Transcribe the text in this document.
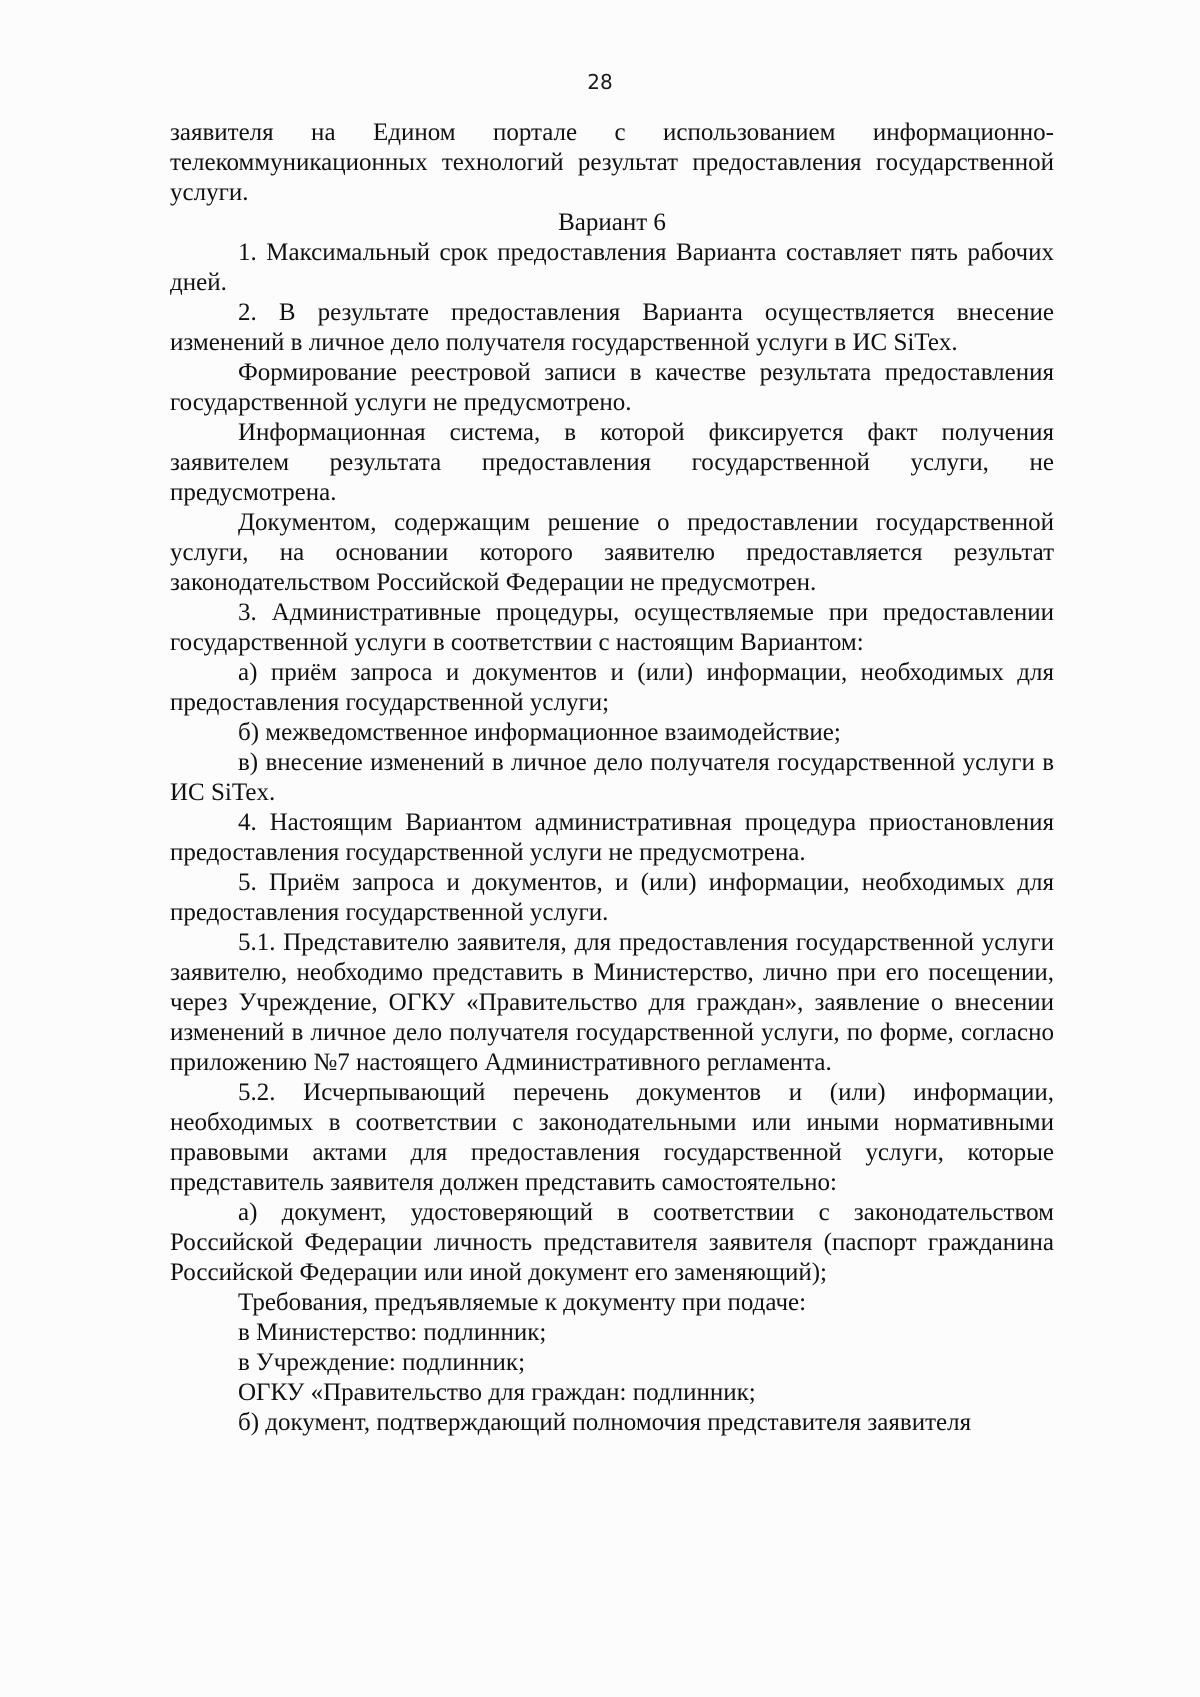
28

заявителя на Едином портале с использованием информационно-телекоммуникационных технологий результат предоставления государственной услуги.

Вариант 6

1. Максимальный срок предоставления Варианта составляет пять рабочих дней.

2. В результате предоставления Варианта осуществляется внесение изменений в личное дело получателя государственной услуги в ИС SiTex.

Формирование реестровой записи в качестве результата предоставления государственной услуги не предусмотрено.

Информационная система, в которой фиксируется факт получения заявителем результата предоставления государственной услуги, не предусмотрена.

Документом, содержащим решение о предоставлении государственной услуги, на основании которого заявителю предоставляется результат законодательством Российской Федерации не предусмотрен.

3. Административные процедуры, осуществляемые при предоставлении государственной услуги в соответствии с настоящим Вариантом:

а) приём запроса и документов и (или) информации, необходимых для предоставления государственной услуги;

б) межведомственное информационное взаимодействие;

в) внесение изменений в личное дело получателя государственной услуги в ИС SiTex.

4. Настоящим Вариантом административная процедура приостановления предоставления государственной услуги не предусмотрена.

5. Приём запроса и документов, и (или) информации, необходимых для предоставления государственной услуги.

5.1. Представителю заявителя, для предоставления государственной услуги заявителю, необходимо представить в Министерство, лично при его посещении, через Учреждение, ОГКУ «Правительство для граждан», заявление о внесении изменений в личное дело получателя государственной услуги, по форме, согласно приложению №7 настоящего Административного регламента.

5.2. Исчерпывающий перечень документов и (или) информации, необходимых в соответствии с законодательными или иными нормативными правовыми актами для предоставления государственной услуги, которые представитель заявителя должен представить самостоятельно:

а) документ, удостоверяющий в соответствии с законодательством Российской Федерации личность представителя заявителя (паспорт гражданина Российской Федерации или иной документ его заменяющий);

Требования, предъявляемые к документу при подаче:

в Министерство: подлинник;

в Учреждение: подлинник;

ОГКУ «Правительство для граждан: подлинник;

б) документ, подтверждающий полномочия представителя заявителя
